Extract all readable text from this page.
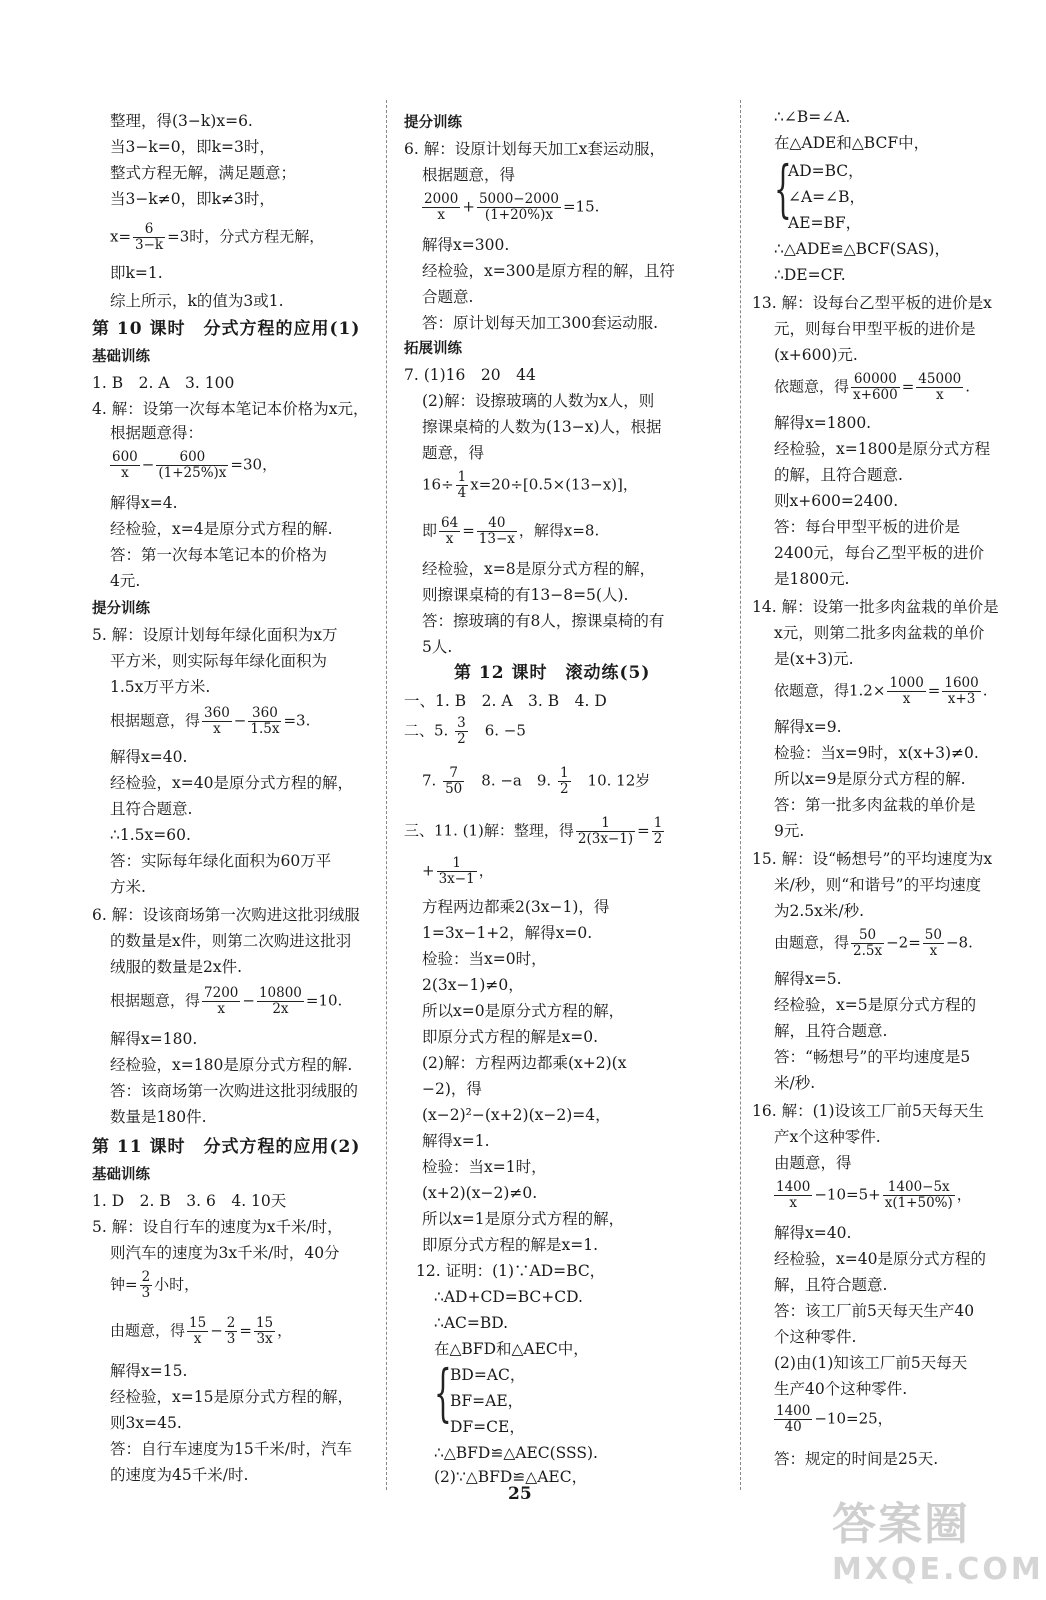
整理，得(3−k)x=6.
当3−k=0，即k=3时，
整式方程无解，满足题意；
当3−k≠0，即k≠3时，
$x= \frac{6}{3-k} =3$时，分式方程无解，
即k=1.
综上所示，k的值为3或1.
第 10 课时　分式方程的应用(1)
基础训练
1. B　2. A　3. 100
4. 解：设第一次每本笔记本价格为x元，
根据题意得：
$\frac{600}{x} - \frac{600}{(1+25\%)x} =30$，
解得x=4.
经检验，x=4是原分式方程的解.
答：第一次每本笔记本的价格为
4元.
提分训练
5. 解：设原计划每年绿化面积为x万
平方米，则实际每年绿化面积为
1.5x万平方米.
根据题意，得 $\frac{360}{x} - \frac{360}{1.5x} =3$.
解得x=40.
经检验，x=40是原分式方程的解，
且符合题意.
∴1.5x=60.
答：实际每年绿化面积为60万平
方米.
6. 解：设该商场第一次购进这批羽绒服
的数量是x件，则第二次购进这批羽
绒服的数量是2x件.
根据题意，得 $\frac{7200}{x} - \frac{10800}{2x} =10$.
解得x=180.
经检验，x=180是原分式方程的解.
答：该商场第一次购进这批羽绒服的
数量是180件.
第 11 课时　分式方程的应用(2)
基础训练
1. D　2. B　3. 6　4. 10天
5. 解：设自行车的速度为x千米/时，
则汽车的速度为3x千米/时，40分
钟= $\frac{2}{3}$ 小时，
由题意，得 $\frac{15}{x} - \frac{2}{3} = \frac{15}{3x}$ ，
解得x=15.
经检验，x=15是原分式方程的解，
则3x=45.
答：自行车速度为15千米/时，汽车
的速度为45千米/时.
提分训练
6. 解：设原计划每天加工x套运动服，
根据题意，得
$\frac{2000}{x} + \frac{5000-2000}{(1+20\%)x} =15$.
解得x=300.
经检验，x=300是原方程的解，且符
合题意.
答：原计划每天加工300套运动服.
拓展训练
7. (1)16　20　44
(2)解：设擦玻璃的人数为x人，则
擦课桌椅的人数为(13−x)人，根据
题意，得
$16\div \frac{1}{4} x=20\div[0.5\times(13-x)]$，
即 $\frac{64}{x} = \frac{40}{13-x}$ ，解得x=8.
经检验，x=8是原分式方程的解，
则擦课桌椅的有13−8=5(人).
答：擦玻璃的有8人，擦课桌椅的有
5人.
第 12 课时　滚动练(5)
一、1. B　2. A　3. B　4. D
二、5. $\frac{3}{2}$ 　6. −5
7. $\frac{7}{50}$ 　8. −a　9. $\frac{1}{2}$ 　10. 12岁
三、11. (1)解：整理，得 $\frac{1}{2(3x-1)} = \frac{1}{2}$
+ $\frac{1}{3x-1}$ ，
方程两边都乘2(3x−1)，得
1=3x−1+2，解得x=0.
检验：当x=0时，
2(3x−1)≠0，
所以x=0是原分式方程的解，
即原分式方程的解是x=0.
(2)解：方程两边都乘(x+2)(x
−2)，得
(x−2)²−(x+2)(x−2)=4，
解得x=1.
检验：当x=1时，
(x+2)(x−2)≠0.
所以x=1是原分式方程的解，
即原分式方程的解是x=1.
12. 证明：(1)∵AD=BC，
∴AD+CD=BC+CD.
∴AC=BD.
在△BFD和△AEC中，
{
BD=AC，
BF=AE，
DF=CE，
∴△BFD≌△AEC(SSS).
(2)∵△BFD≌△AEC，
∴∠B=∠A.
在△ADE和△BCF中，
{
AD=BC，
∠A=∠B，
AE=BF，
∴△ADE≌△BCF(SAS)，
∴DE=CF.
13. 解：设每台乙型平板的进价是x
元，则每台甲型平板的进价是
(x+600)元.
依题意，得 $\frac{60000}{x+600} = \frac{45000}{x}$ .
解得x=1800.
经检验，x=1800是原分式方程
的解，且符合题意.
则x+600=2400.
答：每台甲型平板的进价是
2400元，每台乙型平板的进价
是1800元.
14. 解：设第一批多肉盆栽的单价是
x元，则第二批多肉盆栽的单价
是(x+3)元.
依题意，得$1.2\times \frac{1000}{x} = \frac{1600}{x+3}$ .
解得x=9.
检验：当x=9时，x(x+3)≠0.
所以x=9是原分式方程的解.
答：第一批多肉盆栽的单价是
9元.
15. 解：设“畅想号”的平均速度为x
米/秒，则“和谐号”的平均速度
为2.5x米/秒.
由题意，得 $\frac{50}{2.5x} -2= \frac{50}{x} -8$.
解得x=5.
经检验，x=5是原分式方程的
解，且符合题意.
答：“畅想号”的平均速度是5
米/秒.
16. 解：(1)设该工厂前5天每天生
产x个这种零件.
由题意，得
$\frac{1400}{x} -10=5+ \frac{1400-5x}{x(1+50\%)}$ ，
解得x=40.
经检验，x=40是原分式方程的
解，且符合题意.
答：该工厂前5天每天生产40
个这种零件.
(2)由(1)知该工厂前5天每天
生产40个这种零件.
$\frac{1400}{40} -10=25$，
答：规定的时间是25天.
25
答案圈
MXQE.COM
